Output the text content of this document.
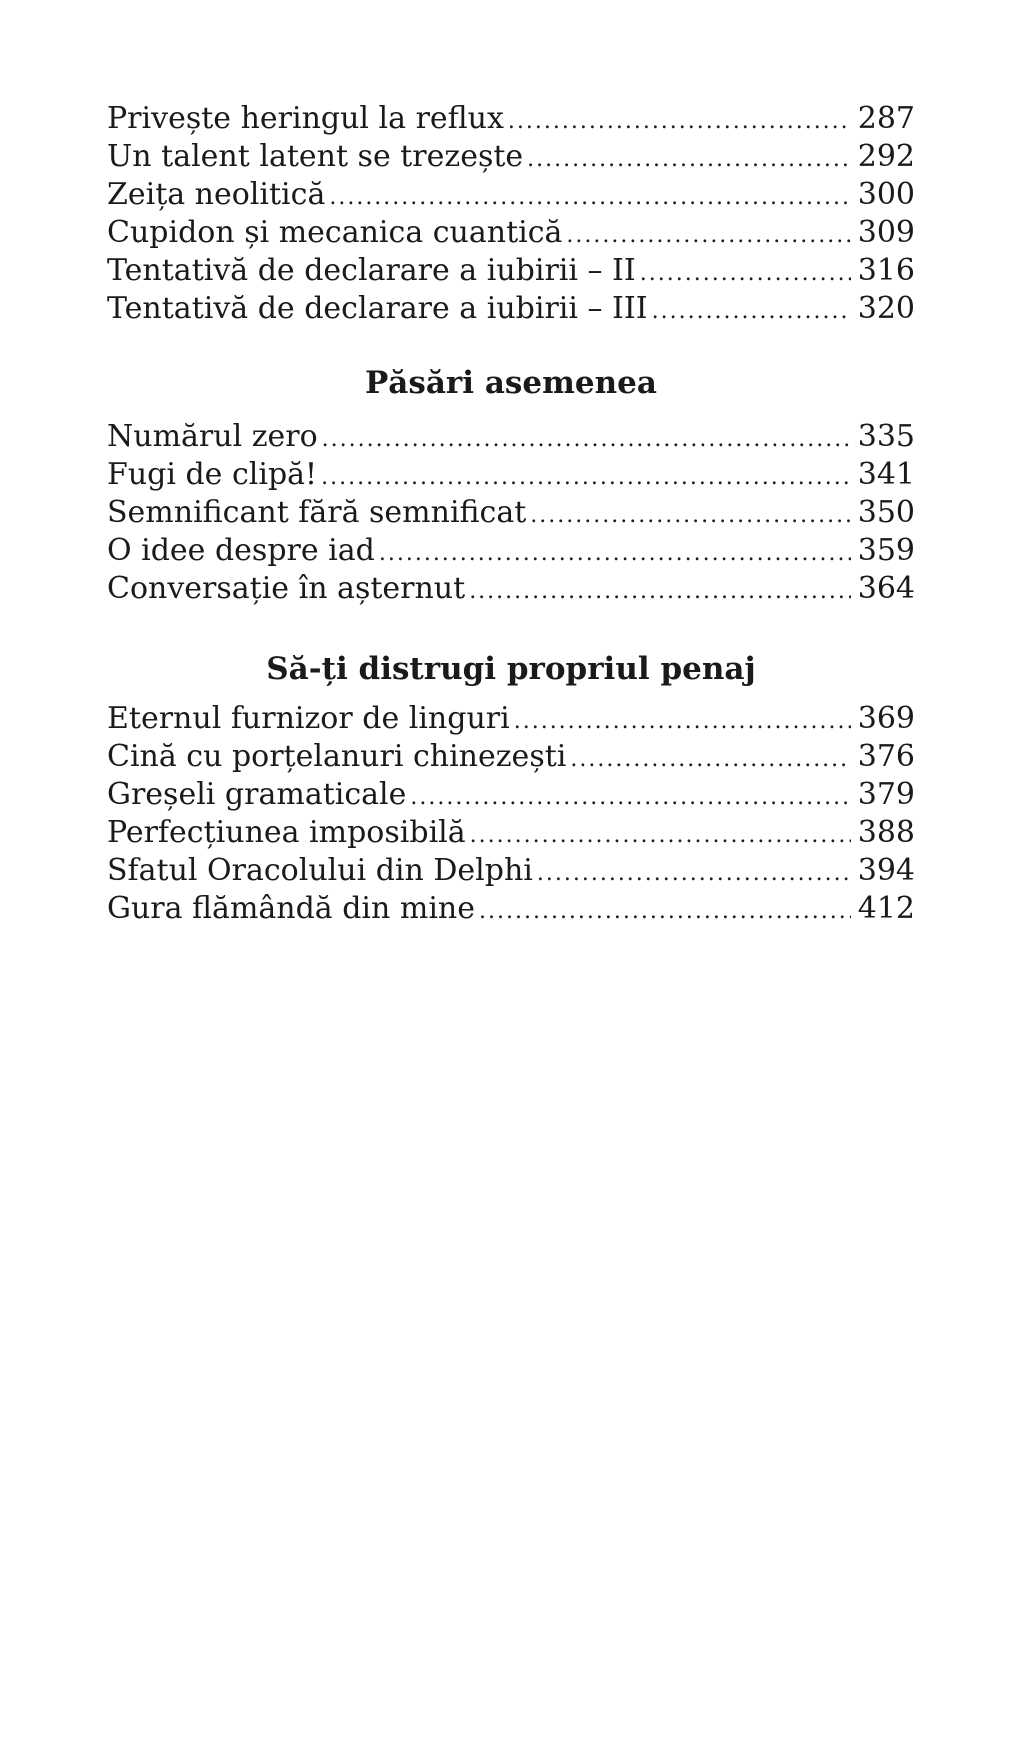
Privește heringul la reflux .....	287
Un talent latent se trezește .....	292
Zeița neolitică .....	300
Cupidon și mecanica cuantică .....	309
Tentativă de declarare a iubirii – II .....	316
Tentativă de declarare a iubirii – III .....	320
Păsări asemenea
Numărul zero .....	335
Fugi de clipă! .....	341
Semnificant fără semnificat .....	350
O idee despre iad .....	359
Conversație în așternut .....	364
Să-ți distrugi propriul penaj
Eternul furnizor de linguri .....	369
Cină cu porțelanuri chinezești .....	376
Greșeli gramaticale .....	379
Perfecțiunea imposibilă .....	388
Sfatul Oracolului din Delphi .....	394
Gura flămândă din mine .....	412
